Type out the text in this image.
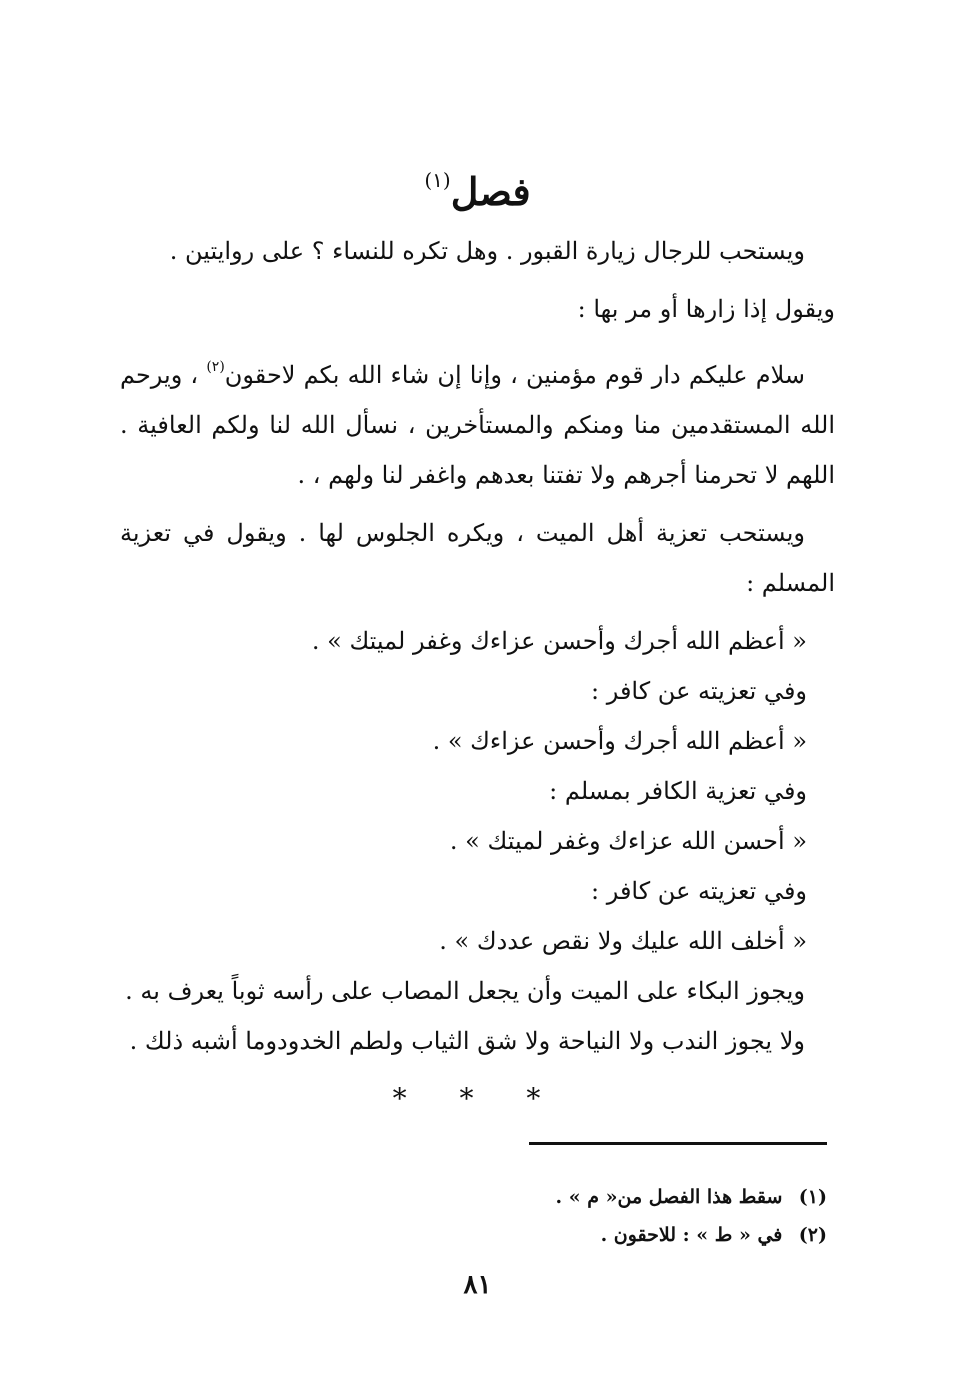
فصل$^{(١)}$

ويستحب للرجال زيارة القبور . وهل تكره للنساء ؟ على روايتين .

ويقول إذا زارها أو مر بها :

سلام عليكم دار قوم مؤمنين ، وإنا إن شاء الله بكم لاحقون$^{(٢)}$ ، ويرحم الله المستقدمين منا ومنكم والمستأخرين ، نسأل الله لنا ولكم العافية . اللهم لا تحرمنا أجرهم ولا تفتنا بعدهم واغفر لنا ولهم ، .

ويستحب تعزية أهل الميت ، ويكره الجلوس لها . ويقول في تعزية المسلم :

« أعظم الله أجرك وأحسن عزاءك وغفر لميتك » .

وفي تعزيته عن كافر :

« أعظم الله أجرك وأحسن عزاءك » .

وفي تعزية الكافر بمسلم :

« أحسن الله عزاءك وغفر لميتك » .

وفي تعزيته عن كافر :

« أخلف الله عليك ولا نقص عددك » .

ويجوز البكاء على الميت وأن يجعل المصاب على رأسه ثوباً يعرف به .

ولا يجوز الندب ولا النياحة ولا شق الثياب ولطم الخدودوما أشبه ذلك .

* * *
(١) سقط هذا الفصل من« م » .
(٢) في « ط » : للاحقون .
٨١
